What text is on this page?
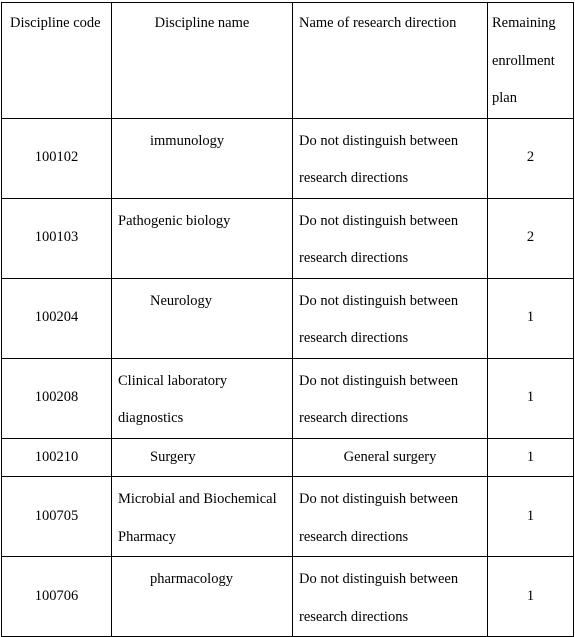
Discipline code	Discipline name	Name of research direction	Remaining enrollment plan
100102	immunology	Do not distinguish between research directions	2
100103	Pathogenic biology	Do not distinguish between research directions	2
100204	Neurology	Do not distinguish between research directions	1
100208	Clinical laboratory diagnostics	Do not distinguish between research directions	1
100210	Surgery	General surgery	1
100705	Microbial and Biochemical Pharmacy	Do not distinguish between research directions	1
100706	pharmacology	Do not distinguish between research directions	1
